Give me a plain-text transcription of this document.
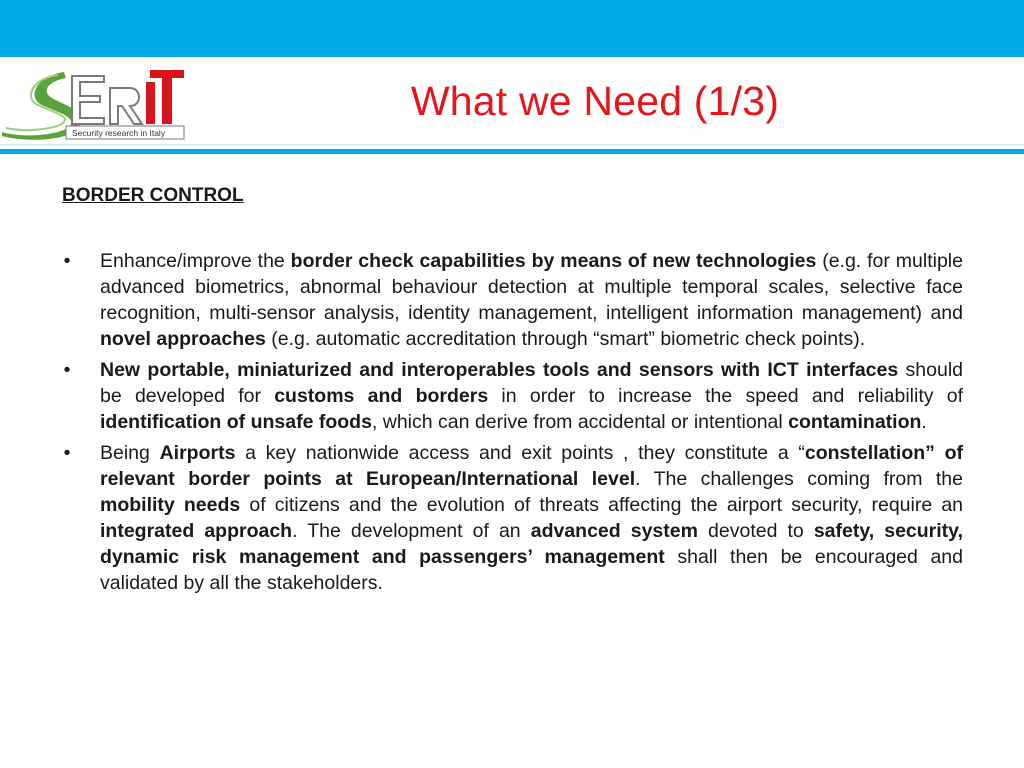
Security research in Italy
What we Need (1/3)
BORDER CONTROL
• Enhance/improve the border check capabilities by means of new technologies (e.g. for multiple advanced biometrics, abnormal behaviour detection at multiple temporal scales, selective face recognition, multi-sensor analysis, identity management, intelligent information management) and novel approaches (e.g. automatic accreditation through “smart” biometric check points).
• New portable, miniaturized and interoperables tools and sensors with ICT interfaces should be developed for customs and borders in order to increase the speed and reliability of identification of unsafe foods, which can derive from accidental or intentional contamination.
• Being Airports a key nationwide access and exit points , they constitute a “constellation” of relevant border points at European/International level. The challenges coming from the mobility needs of citizens and the evolution of threats affecting the airport security, require an integrated approach. The development of an advanced system devoted to safety, security, dynamic risk management and passengers’ management shall then be encouraged and validated by all the stakeholders.
